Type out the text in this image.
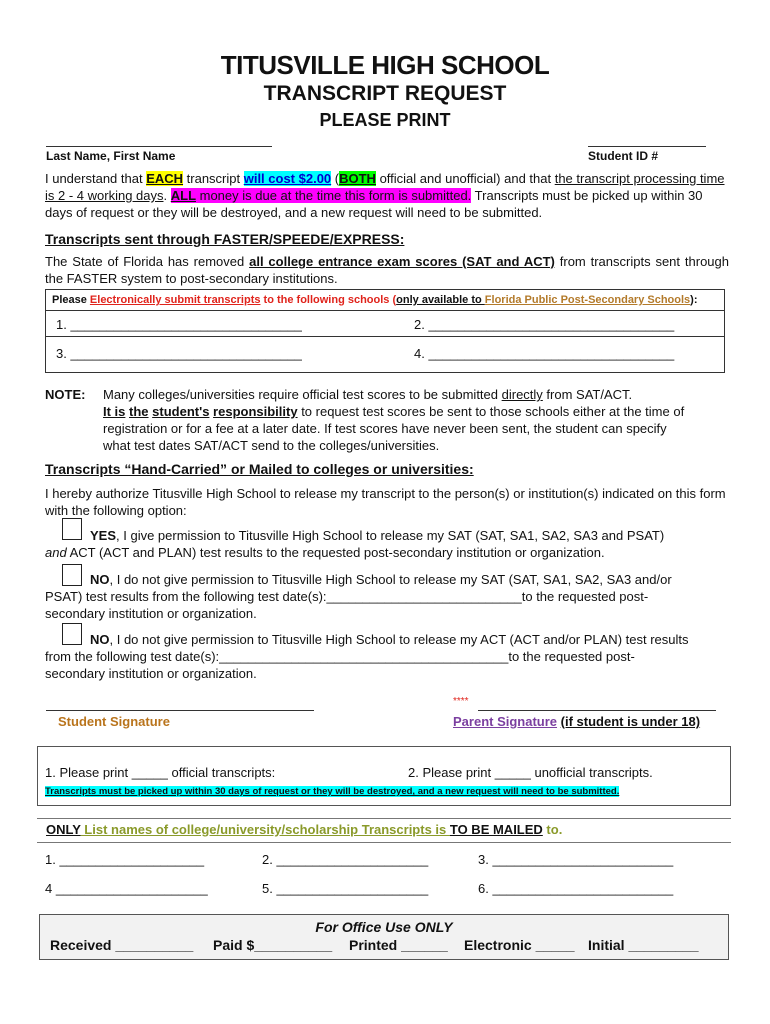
TITUSVILLE HIGH SCHOOL
TRANSCRIPT REQUEST
PLEASE PRINT
Last Name, First Name	Student ID #
I understand that EACH transcript will cost $2.00 (BOTH official and unofficial) and that the transcript processing time is 2 - 4 working days. ALL money is due at the time this form is submitted. Transcripts must be picked up within 30 days of request or they will be destroyed, and a new request will need to be submitted.
Transcripts sent through FASTER/SPEEDE/EXPRESS:
The State of Florida has removed all college entrance exam scores (SAT and ACT) from transcripts sent through the FASTER system to post-secondary institutions.
Please Electronically submit transcripts to the following schools (only available to Florida Public Post-Secondary Schools):
1. ________________________________	2. __________________________________
3. ________________________________	4. __________________________________
NOTE: Many colleges/universities require official test scores to be submitted directly from SAT/ACT.
It is the student's responsibility to request test scores be sent to those schools either at the time of
registration or for a fee at a later date. If test scores have never been sent, the student can specify
what test dates SAT/ACT send to the colleges/universities.
Transcripts “Hand-Carried” or Mailed to colleges or universities:
I hereby authorize Titusville High School to release my transcript to the person(s) or institution(s) indicated on this form with the following option:
YES, I give permission to Titusville High School to release my SAT (SAT, SA1, SA2, SA3 and PSAT)
and ACT (ACT and PLAN) test results to the requested post-secondary institution or organization.
NO, I do not give permission to Titusville High School to release my SAT (SAT, SA1, SA2, SA3 and/or
PSAT) test results from the following test date(s):___________________________to the requested post-
secondary institution or organization.
NO, I do not give permission to Titusville High School to release my ACT (ACT and/or PLAN) test results
from the following test date(s):________________________________________to the requested post-
secondary institution or organization.
Student Signature
****
Parent Signature (if student is under 18)
1. Please print _____ official transcripts:	2. Please print _____ unofficial transcripts.
Transcripts must be picked up within 30 days of request or they will be destroyed, and a new request will need to be submitted.
ONLY List names of college/university/scholarship Transcripts is TO BE MAILED to.
1. ____________________	2. _____________________	3. _________________________
4 _____________________	5. _____________________	6. _________________________
For Office Use ONLY
Received __________ Paid $__________ Printed ______ Electronic _____ Initial _________
